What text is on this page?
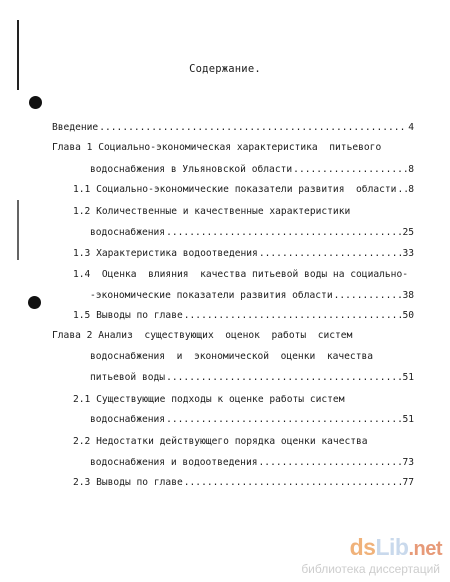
Содержание.
Введение .....	4
Глава 1 Социально-экономическая характеристика  питьевого
водоснабжения в Ульяновской области .....	8
1.1 Социально-экономические показатели развития  области ..... 8
1.2 Количественные и качественные характеристики
водоснабжения .....	25
1.3 Характеристика водоотведения .....	33
1.4  Оценка  влияния  качества питьевой воды на социально-
-экономические показатели развития области .....	38
1.5 Выводы по главе .....	50
Глава 2 Анализ  существующих  оценок  работы  систем
водоснабжения  и  экономической  оценки  качества
питьевой воды .....	51
2.1 Существующие подходы к оценке работы систем
водоснабжения .....	51
2.2 Недостатки действующего порядка оценки качества
водоснабжения и водоотведения .....	73
2.3 Выводы по главе .....	77
dsLib.net
библиотека диссертаций
